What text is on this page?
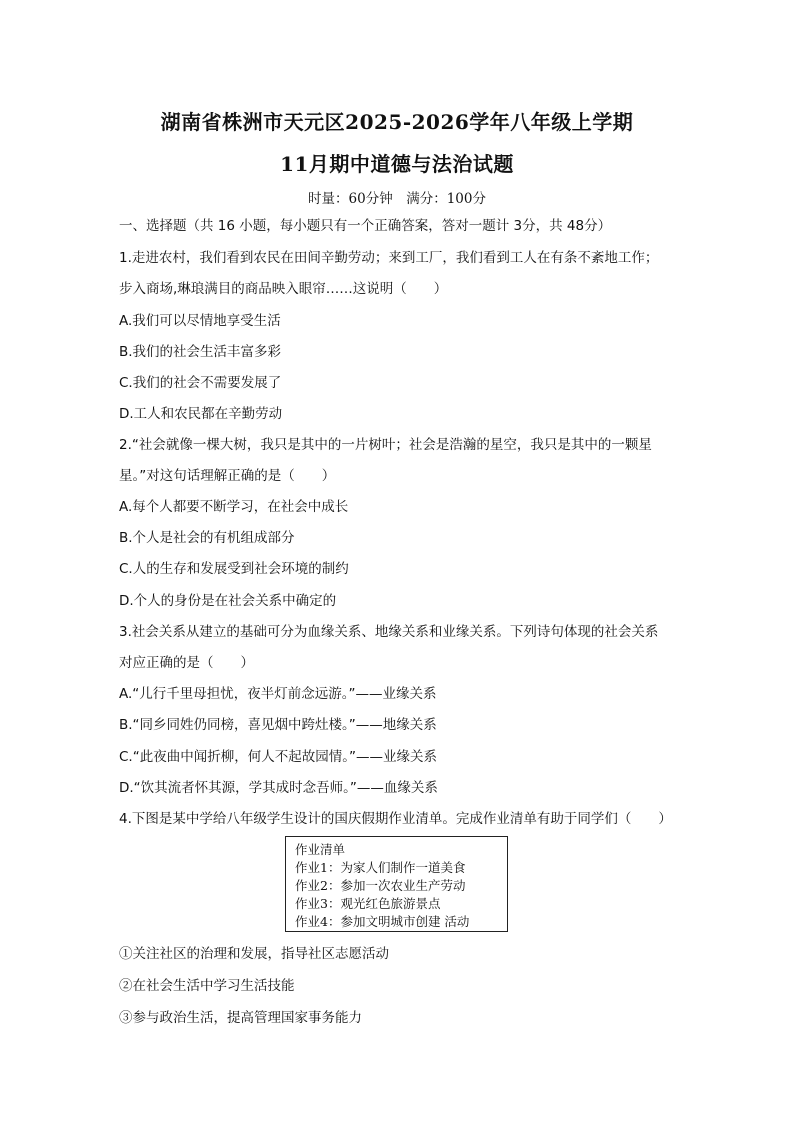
湖南省株洲市天元区2025-2026学年八年级上学期
11月期中道德与法治试题
时量：60分钟　满分：100分
一、选择题（共 16 小题，每小题只有一个正确答案，答对一题计 3分，共 48分）
1.走进农村，我们看到农民在田间辛勤劳动；来到工厂，我们看到工人在有条不紊地工作；
步入商场,琳琅满目的商品映入眼帘……这说明（　　）
A.我们可以尽情地享受生活
B.我们的社会生活丰富多彩
C.我们的社会不需要发展了
D.工人和农民都在辛勤劳动
2.“社会就像一棵大树，我只是其中的一片树叶；社会是浩瀚的星空，我只是其中的一颗星
星。”对这句话理解正确的是（　　）
A.每个人都要不断学习，在社会中成长
B.个人是社会的有机组成部分
C.人的生存和发展受到社会环境的制约
D.个人的身份是在社会关系中确定的
3.社会关系从建立的基础可分为血缘关系、地缘关系和业缘关系。下列诗句体现的社会关系
对应正确的是（　　）
A.“儿行千里母担忧，夜半灯前念远游。”——业缘关系
B.“同乡同姓仍同榜，喜见烟中跨灶楼。”——地缘关系
C.“此夜曲中闻折柳，何人不起故园情。”——业缘关系
D.“饮其流者怀其源，学其成时念吾师。”——血缘关系
4.下图是某中学给八年级学生设计的国庆假期作业清单。完成作业清单有助于同学们（　　）
作业清单
作业1：为家人们制作一道美食
作业2：参加一次农业生产劳动
作业3：观光红色旅游景点
作业4：参加文明城市创建 活动
①关注社区的治理和发展，指导社区志愿活动
②在社会生活中学习生活技能
③参与政治生活，提高管理国家事务能力
